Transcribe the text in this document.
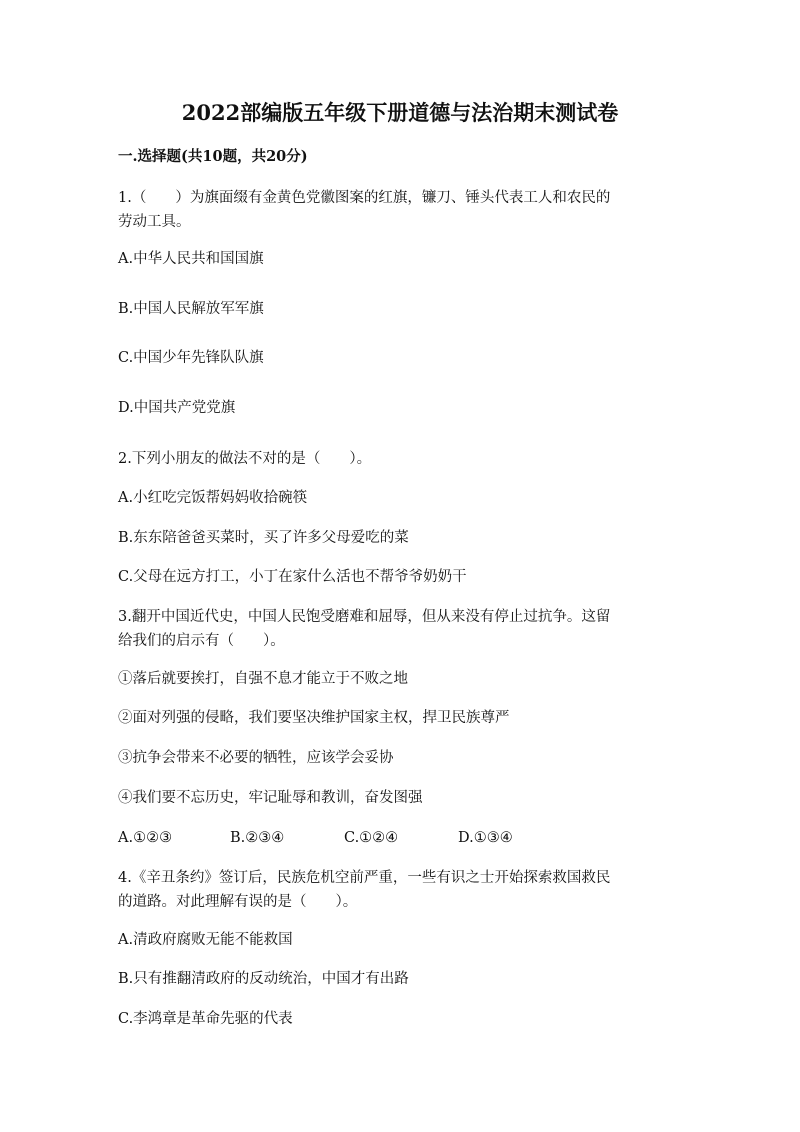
2022部编版五年级下册道德与法治期末测试卷
一.选择题(共10题，共20分)
1.（　　）为旗面缀有金黄色党徽图案的红旗，镰刀、锤头代表工人和农民的
劳动工具。
A.中华人民共和国国旗
B.中国人民解放军军旗
C.中国少年先锋队队旗
D.中国共产党党旗
2.下列小朋友的做法不对的是（　　）。
A.小红吃完饭帮妈妈收拾碗筷
B.东东陪爸爸买菜时，买了许多父母爱吃的菜
C.父母在远方打工，小丁在家什么活也不帮爷爷奶奶干
3.翻开中国近代史，中国人民饱受磨难和屈辱，但从来没有停止过抗争。这留
给我们的启示有（　　）。
①落后就要挨打，自强不息才能立于不败之地
②面对列强的侵略，我们要坚决维护国家主权，捍卫民族尊严
③抗争会带来不必要的牺牲，应该学会妥协
④我们要不忘历史，牢记耻辱和教训，奋发图强
A.①②③	B.②③④	C.①②④	D.①③④
4.《辛丑条约》签订后，民族危机空前严重，一些有识之士开始探索救国救民
的道路。对此理解有误的是（　　）。
A.清政府腐败无能不能救国
B.只有推翻清政府的反动统治，中国才有出路
C.李鸿章是革命先驱的代表
